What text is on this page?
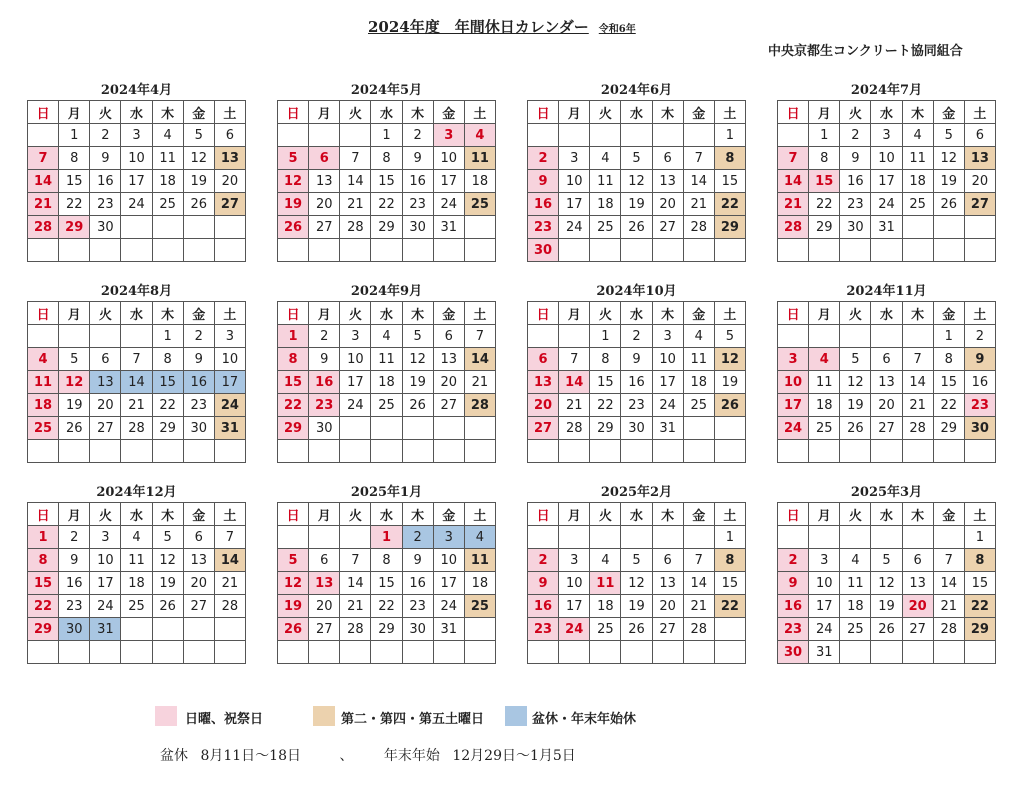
2024年度　年間休日カレンダー 令和6年
中央京都生コンクリート協同組合
2024年4月
日	月	火	水	木	金	土
	1	2	3	4	5	6
7	8	9	10	11	12	13
14	15	16	17	18	19	20
21	22	23	24	25	26	27
28	29	30				

2024年5月
日	月	火	水	木	金	土
			1	2	3	4
5	6	7	8	9	10	11
12	13	14	15	16	17	18
19	20	21	22	23	24	25
26	27	28	29	30	31	

2024年6月
日	月	火	水	木	金	土
						1
2	3	4	5	6	7	8
9	10	11	12	13	14	15
16	17	18	19	20	21	22
23	24	25	26	27	28	29
30						
2024年7月
日	月	火	水	木	金	土
	1	2	3	4	5	6
7	8	9	10	11	12	13
14	15	16	17	18	19	20
21	22	23	24	25	26	27
28	29	30	31			

2024年8月
日	月	火	水	木	金	土
				1	2	3
4	5	6	7	8	9	10
11	12	13	14	15	16	17
18	19	20	21	22	23	24
25	26	27	28	29	30	31

2024年9月
日	月	火	水	木	金	土
1	2	3	4	5	6	7
8	9	10	11	12	13	14
15	16	17	18	19	20	21
22	23	24	25	26	27	28
29	30					

2024年10月
日	月	火	水	木	金	土
		1	2	3	4	5
6	7	8	9	10	11	12
13	14	15	16	17	18	19
20	21	22	23	24	25	26
27	28	29	30	31		

2024年11月
日	月	火	水	木	金	土
					1	2
3	4	5	6	7	8	9
10	11	12	13	14	15	16
17	18	19	20	21	22	23
24	25	26	27	28	29	30

2024年12月
日	月	火	水	木	金	土
1	2	3	4	5	6	7
8	9	10	11	12	13	14
15	16	17	18	19	20	21
22	23	24	25	26	27	28
29	30	31				

2025年1月
日	月	火	水	木	金	土
			1	2	3	4
5	6	7	8	9	10	11
12	13	14	15	16	17	18
19	20	21	22	23	24	25
26	27	28	29	30	31	

2025年2月
日	月	火	水	木	金	土
						1
2	3	4	5	6	7	8
9	10	11	12	13	14	15
16	17	18	19	20	21	22
23	24	25	26	27	28	

2025年3月
日	月	火	水	木	金	土
						1
2	3	4	5	6	7	8
9	10	11	12	13	14	15
16	17	18	19	20	21	22
23	24	25	26	27	28	29
30	31					
日曜、祝祭日	第二・第四・第五土曜日	盆休・年末年始休
盆休 8月11日～18日	、 年末年始 12月29日～1月5日
